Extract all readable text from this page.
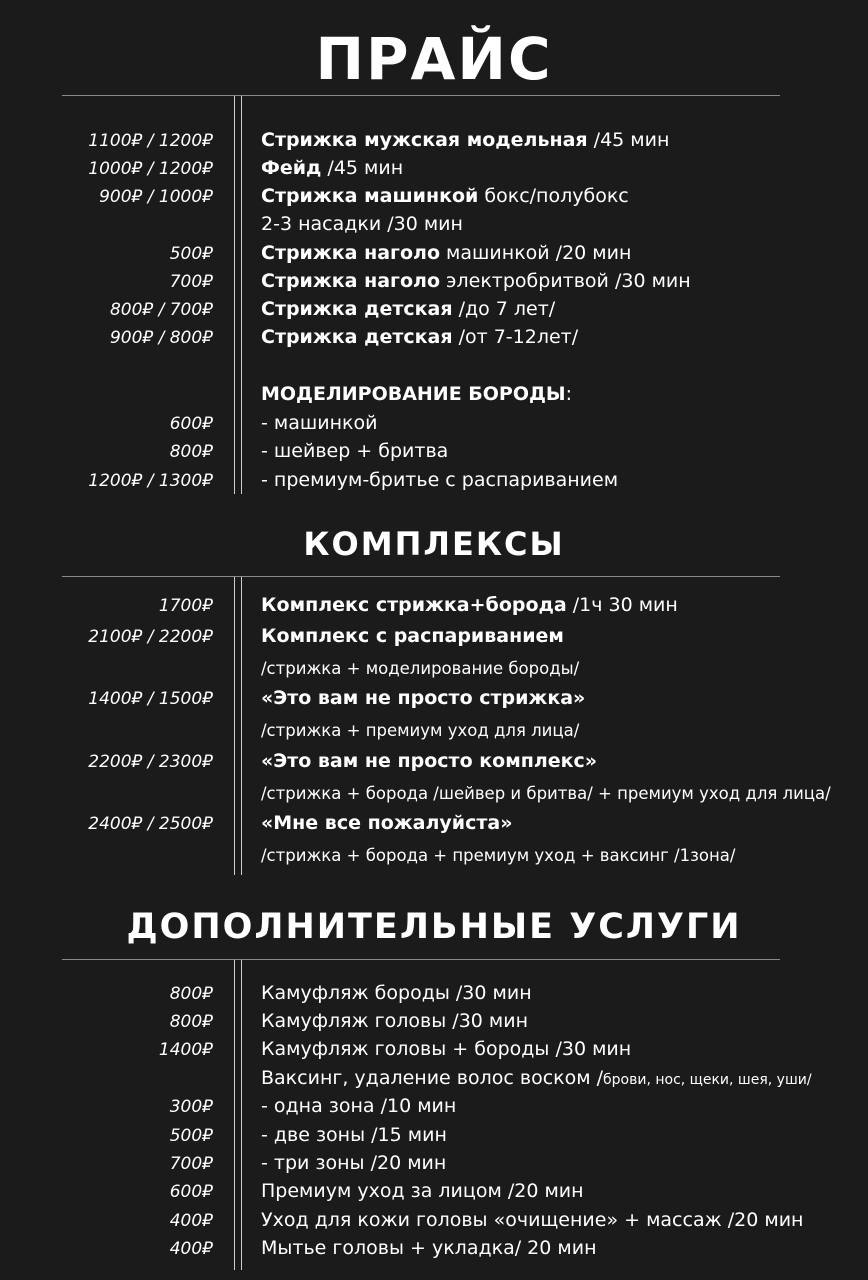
ПРАЙС
1100₽ / 1200₽	Стрижка мужская модельная /45 мин
1000₽ / 1200₽	Фейд /45 мин
900₽ / 1000₽	Стрижка машинкой бокс/полубокс
2-3 насадки /30 мин
500₽	Стрижка наголо машинкой /20 мин
700₽	Стрижка наголо электробритвой /30 мин
800₽ / 700₽	Стрижка детская /до 7 лет/
900₽ / 800₽	Стрижка детская /от 7-12лет/
МОДЕЛИРОВАНИЕ БОРОДЫ:
600₽	- машинкой
800₽	- шейвер + бритва
1200₽ / 1300₽	- премиум-бритье с распариванием
КОМПЛЕКСЫ
1700₽	Комплекс стрижка+борода /1ч 30 мин
2100₽ / 2200₽	Комплекс с распариванием
/стрижка + моделирование бороды/
1400₽ / 1500₽	«Это вам не просто стрижка»
/стрижка + премиум уход для лица/
2200₽ / 2300₽	«Это вам не просто комплекс»
/стрижка + борода /шейвер и бритва/ + премиум уход для лица/
2400₽ / 2500₽	«Мне все пожалуйста»
/стрижка + борода + премиум уход + ваксинг /1зона/
ДОПОЛНИТЕЛЬНЫЕ УСЛУГИ
800₽	Камуфляж бороды /30 мин
800₽	Камуфляж головы /30 мин
1400₽	Камуфляж головы + бороды /30 мин
Ваксинг, удаление волос воском /брови, нос, щеки, шея, уши/
300₽	- одна зона /10 мин
500₽	- две зоны /15 мин
700₽	- три зоны /20 мин
600₽	Премиум уход за лицом /20 мин
400₽	Уход для кожи головы «очищение» + массаж /20 мин
400₽	Мытье головы + укладка/ 20 мин
